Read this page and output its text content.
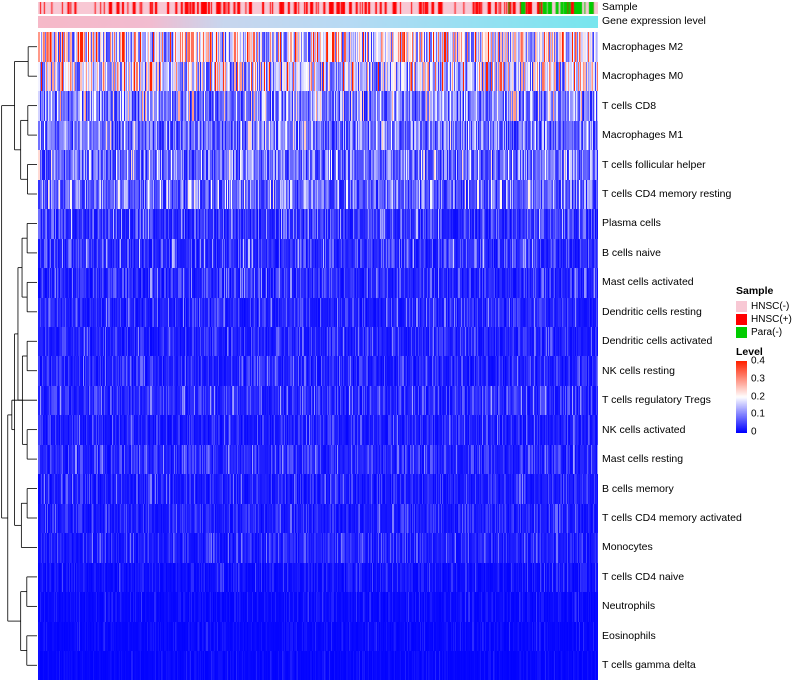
Sample
Gene expression level
Macrophages M2
Macrophages M0
T cells CD8
Macrophages M1
T cells follicular helper
T cells CD4 memory resting
Plasma cells
B cells naive
Mast cells activated
Dendritic cells resting
Dendritic cells activated
NK cells resting
T cells regulatory Tregs
NK cells activated
Mast cells resting
B cells memory
T cells CD4 memory activated
Monocytes
T cells CD4 naive
Neutrophils
Eosinophils
T cells gamma delta
Sample
HNSC(-)
HNSC(+)
Para(-)
Level
0.4
0.3
0.2
0.1
0
